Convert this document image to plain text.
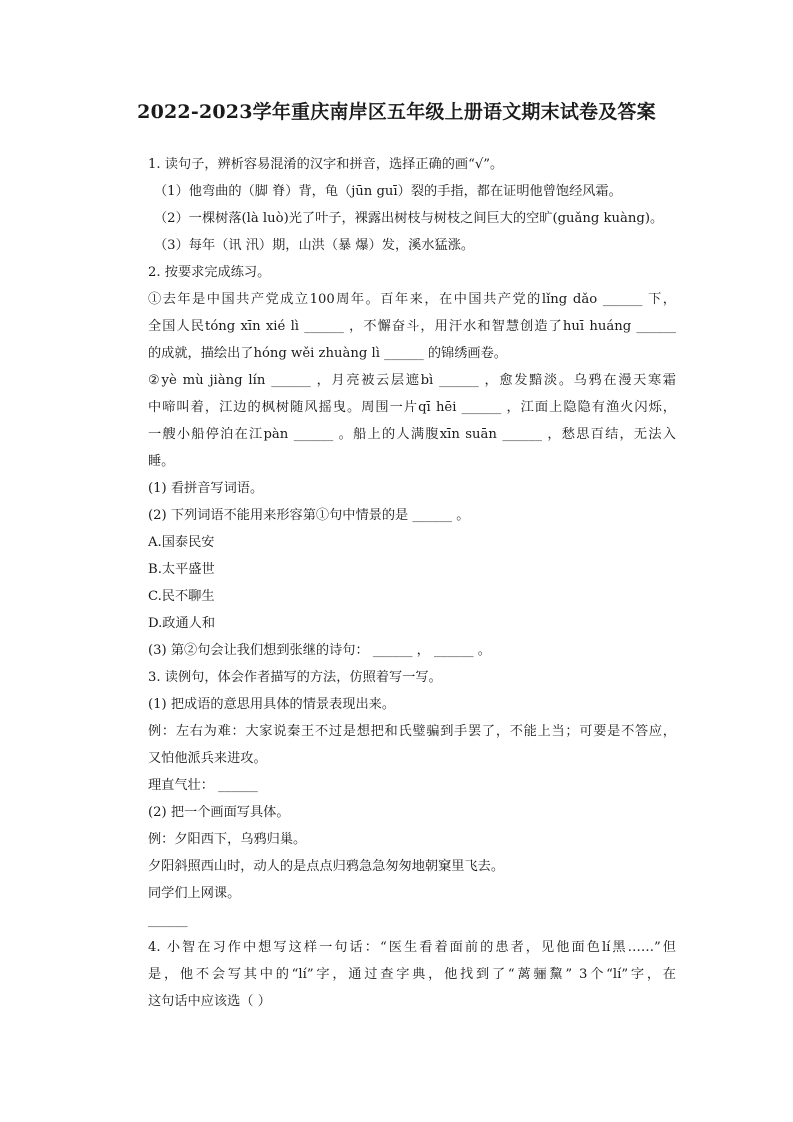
2022-2023学年重庆南岸区五年级上册语文期末试卷及答案
1. 读句子，辨析容易混淆的汉字和拼音，选择正确的画“√”。
（1）他弯曲的（脚 脊）背，龟（jūn guī）裂的手指，都在证明他曾饱经风霜。
（2）一棵树落(là luò)光了叶子，裸露出树枝与树枝之间巨大的空旷(guǎng kuàng)。
（3）每年（讯 汛）期，山洪（暴 爆）发，溪水猛涨。
2. 按要求完成练习。
①去年是中国共产党成立100周年。百年来，在中国共产党的lǐng dǎo ______ 下，
全国人民tóng xīn xié lì ______ ，不懈奋斗，用汗水和智慧创造了huī huáng ______
的成就，描绘出了hóng wěi zhuàng lì ______ 的锦绣画卷。
②yè mù jiàng lín ______ ，月亮被云层遮bì ______ ，愈发黯淡。乌鸦在漫天寒霜
中啼叫着，江边的枫树随风摇曳。周围一片qī hēi ______ ，江面上隐隐有渔火闪烁，
一艘小船停泊在江pàn ______ 。船上的人满腹xīn suān ______ ，愁思百结，无法入
睡。
(1) 看拼音写词语。
(2) 下列词语不能用来形容第①句中情景的是 ______ 。
A.国泰民安
B.太平盛世
C.民不聊生
D.政通人和
(3) 第②句会让我们想到张继的诗句： ______ ， ______ 。
3. 读例句，体会作者描写的方法，仿照着写一写。
(1) 把成语的意思用具体的情景表现出来。
例：左右为难：大家说秦王不过是想把和氏璧骗到手罢了，不能上当；可要是不答应，
又怕他派兵来进攻。
理直气壮： ______
(2) 把一个画面写具体。
例：夕阳西下，乌鸦归巢。
夕阳斜照西山时，动人的是点点归鸦急急匆匆地朝窠里飞去。
同学们上网课。
______
4. 小智在习作中想写这样一句话：“医生看着面前的患者，见他面色lí黑……”但
是，他不会写其中的“lí”字，通过查字典，他找到了“蓠骊黧” 3个“lí”字，在
这句话中应该选（ ）
